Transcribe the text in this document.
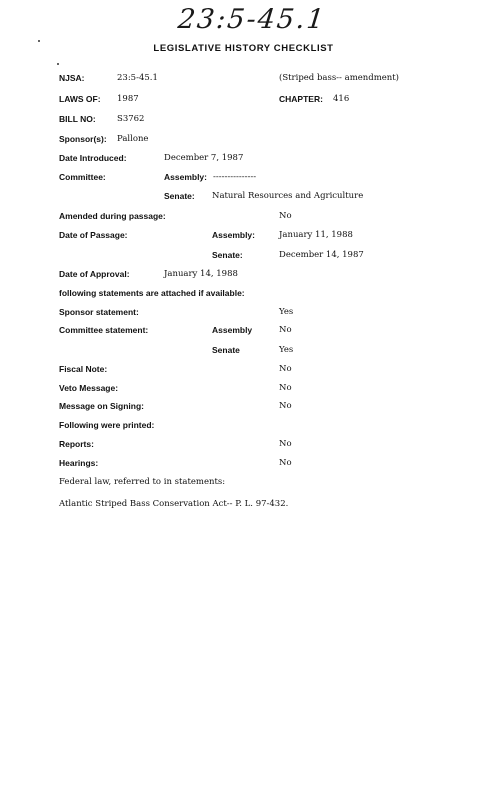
23:5-45.1
LEGISLATIVE HISTORY CHECKLIST
NJSA:	23:5-45.1	(Striped bass-- amendment)
LAWS OF: 1987	CHAPTER: 416
BILL NO:	S3762
Sponsor(s): Pallone
Date Introduced:	December 7, 1987
Committee:	Assembly: ---------------
Senate: Natural Resources and Agriculture
Amended during passage:	No
Date of Passage:	Assembly:	January 11, 1988
Senate:	December 14, 1987
Date of Approval:	January 14, 1988
following statements are attached if available:
Sponsor statement:	Yes
Committee statement:	Assembly	No
Senate	Yes
Fiscal Note:	No
Veto Message:	No
Message on Signing:	No
Following were printed:
Reports:	No
Hearings:	No
Federal law, referred to in statements:
Atlantic Striped Bass Conservation Act-- P. L. 97-432.
